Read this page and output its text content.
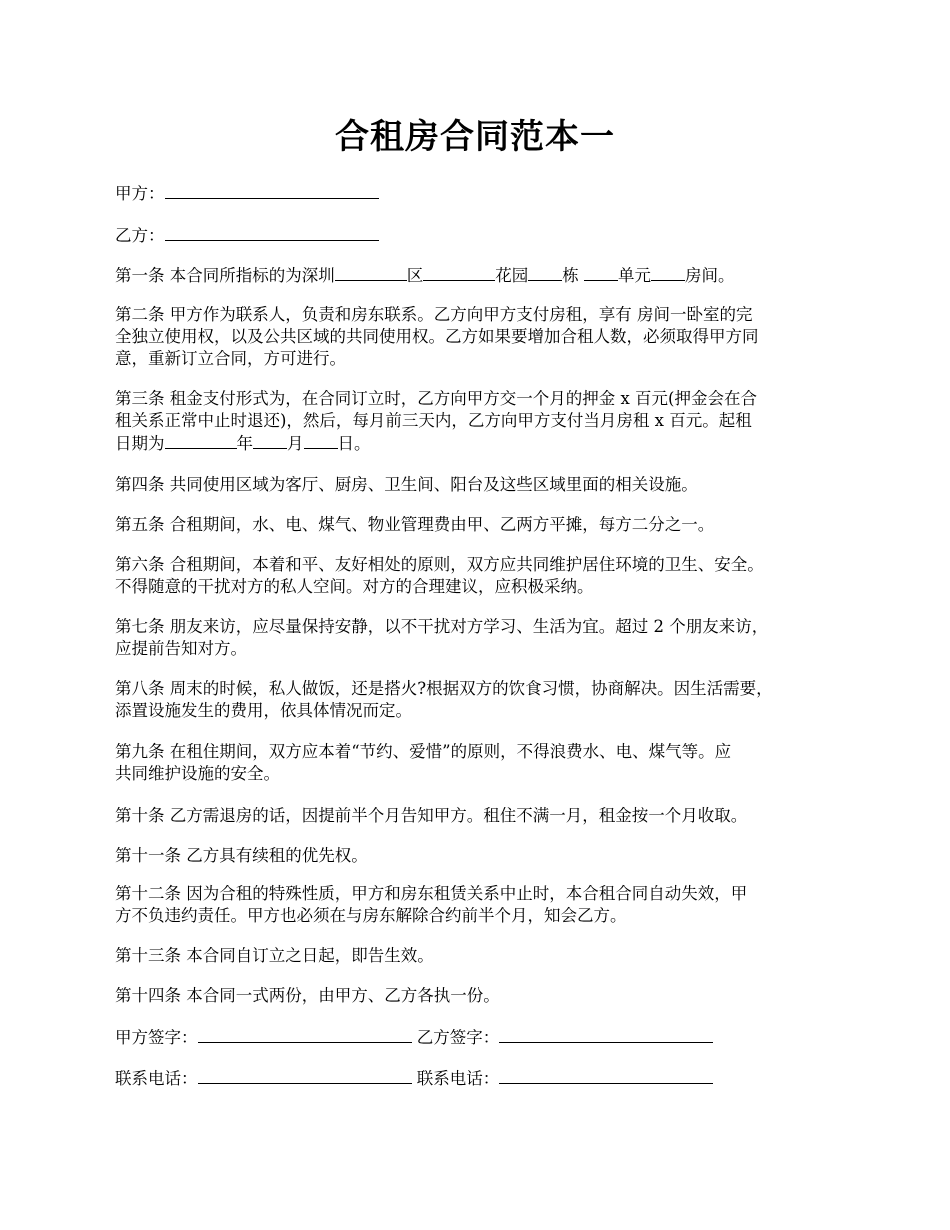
合租房合同范本一
甲方：
乙方：
第一条 本合同所指标的为深圳	区	花园 栋 单元 房间。
第二条 甲方作为联系人，负责和房东联系。乙方向甲方支付房租，享有 房间一卧室的完
全独立使用权，以及公共区域的共同使用权。乙方如果要增加合租人数，必须取得甲方同
意，重新订立合同，方可进行。
第三条 租金支付形式为，在合同订立时，乙方向甲方交一个月的押金 x 百元(押金会在合
租关系正常中止时退还)，然后，每月前三天内，乙方向甲方支付当月房租 x 百元。起租
日期为	年 月 日。
第四条 共同使用区域为客厅、厨房、卫生间、阳台及这些区域里面的相关设施。
第五条 合租期间，水、电、煤气、物业管理费由甲、乙两方平摊，每方二分之一。
第六条 合租期间，本着和平、友好相处的原则，双方应共同维护居住环境的卫生、安全。
不得随意的干扰对方的私人空间。对方的合理建议，应积极采纳。
第七条 朋友来访，应尽量保持安静，以不干扰对方学习、生活为宜。超过 2 个朋友来访，
应提前告知对方。
第八条 周末的时候，私人做饭，还是搭火?根据双方的饮食习惯，协商解决。因生活需要，
添置设施发生的费用，依具体情况而定。
第九条 在租住期间，双方应本着“节约、爱惜”的原则，不得浪费水、电、煤气等。应
共同维护设施的安全。
第十条 乙方需退房的话，因提前半个月告知甲方。租住不满一月，租金按一个月收取。
第十一条 乙方具有续租的优先权。
第十二条 因为合租的特殊性质，甲方和房东租赁关系中止时，本合租合同自动失效，甲
方不负违约责任。甲方也必须在与房东解除合约前半个月，知会乙方。
第十三条 本合同自订立之日起，即告生效。
第十四条 本合同一式两份，由甲方、乙方各执一份。
甲方签字：	乙方签字：
联系电话：	联系电话：
